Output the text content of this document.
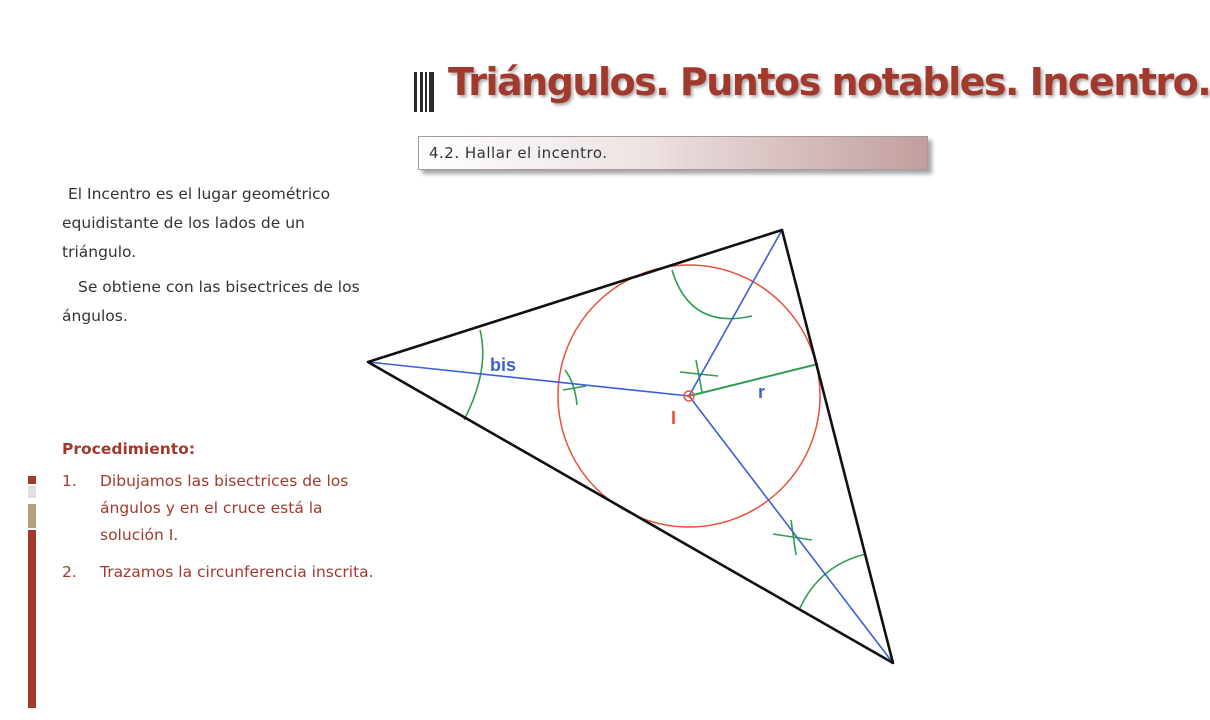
Triángulos. Puntos notables. Incentro.
4.2. Hallar el incentro.

El Incentro es el lugar geométrico equidistante de los lados de un triángulo.

Se obtiene con las bisectrices de los ángulos.

Procedimiento:

1. Dibujamos las bisectrices de los ángulos y en el cruce está la solución I.
2. Trazamos la circunferencia inscrita.
bis
r
I
